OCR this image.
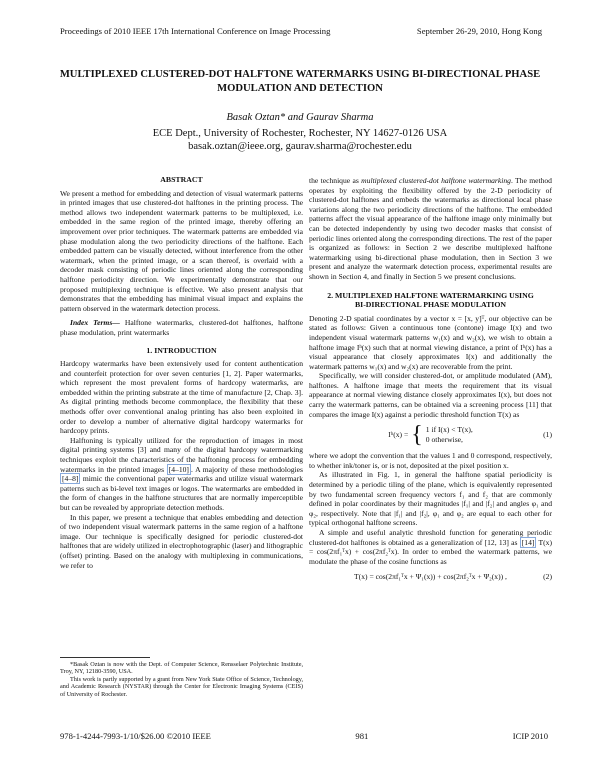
Proceedings of 2010 IEEE 17th International Conference on Image Processing	September 26-29, 2010, Hong Kong
MULTIPLEXED CLUSTERED-DOT HALFTONE WATERMARKS USING BI-DIRECTIONAL PHASE MODULATION AND DETECTION
Basak Oztan* and Gaurav Sharma
ECE Dept., University of Rochester, Rochester, NY 14627-0126 USA
basak.oztan@ieee.org, gaurav.sharma@rochester.edu
ABSTRACT

We present a method for embedding and detection of visual watermark patterns in printed images that use clustered-dot halftones in the printing process. The method allows two independent watermark patterns to be multiplexed, i.e. embedded in the same region of the printed image, thereby offering an improvement over prior techniques. The watermark patterns are embedded via phase modulation along the two periodicity directions of the halftone. Each embedded pattern can be visually detected, without interference from the other watermark, when the printed image, or a scan thereof, is overlaid with a decoder mask consisting of periodic lines oriented along the corresponding halftone periodicity direction. We experimentally demonstrate that our proposed multiplexing technique is effective. We also present analysis that demonstrates that the embedding has minimal visual impact and explains the pattern observed in the watermark detection process.

Index Terms— Halftone watermarks, clustered-dot halftones, halftone phase modulation, print watermarks

1. INTRODUCTION

Hardcopy watermarks have been extensively used for content authentication and counterfeit protection for over seven centuries [1, 2]. Paper watermarks, which represent the most prevalent forms of hardcopy watermarks, are embedded within the printing substrate at the time of manufacture [2, Chap. 3]. As digital printing methods become commonplace, the flexibility that these methods offer over conventional analog printing has also been exploited in order to develop a number of alternative digital hardcopy watermarks for hardcopy prints.

Halftoning is typically utilized for the reproduction of images in most digital printing systems [3] and many of the digital hardcopy watermarking techniques exploit the characteristics of the halftoning process for embedding watermarks in the printed images [4–10] . A majority of these methodologies [4–8] mimic the conventional paper watermarks and utilize visual watermark patterns such as bi-level text images or logos. The watermarks are embedded in the form of changes in the halftone structures that are normally imperceptible but can be revealed by appropriate detection methods.

In this paper, we present a technique that enables embedding and detection of two independent visual watermark patterns in the same region of a halftone image. Our technique is specifically designed for periodic clustered-dot halftones that are widely utilized in electrophotographic (laser) and lithographic (offset) printing. Based on the analogy with multiplexing in communications, we refer to

*Basak Oztan is now with the Dept. of Computer Science, Rensselaer Polytechnic Institute, Troy, NY, 12180-3590, USA.

This work is partly supported by a grant from New York State Office of Science, Technology, and Academic Research (NYSTAR) through the Center for Electronic Imaging Systems (CEIS) of University of Rochester.

the technique as multiplexed clustered-dot halftone watermarking. The method operates by exploiting the flexibility offered by the 2-D periodicity of clustered-dot halftones and embeds the watermarks as directional local phase variations along the two periodicity directions of the halftone. The embedded patterns affect the visual appearance of the halftone image only minimally but can be detected independently by using two decoder masks that consist of periodic lines oriented along the corresponding directions. The rest of the paper is organized as follows: in Section 2 we describe multiplexed halftone watermarking using bi-directional phase modulation, then in Section 3 we present and analyze the watermark detection process, experimental results are shown in Section 4, and finally in Section 5 we present conclusions.

2. MULTIPLEXED HALFTONE WATERMARKING USING
BI-DIRECTIONAL PHASE MODULATION

Denoting 2-D spatial coordinates by a vector x = [x, y]ᵀ, our objective can be stated as follows: Given a continuous tone (contone) image I(x) and two independent visual watermark patterns w₁(x) and w₂(x), we wish to obtain a halftone image Iʰ(x) such that at normal viewing distance, a print of Iʰ(x) has a visual appearance that closely approximates I(x) and additionally the watermark patterns w₁(x) and w₂(x) are recoverable from the print.

Specifically, we will consider clustered-dot, or amplitude modulated (AM), halftones. A halftone image that meets the requirement that its visual appearance at normal viewing distance closely approximates I(x), but does not carry the watermark patterns, can be obtained via a screening process [11] that compares the image I(x) against a periodic threshold function T(x) as

Iʰ(x) = { 1 if I(x) < T(x),
0 otherwise,
(1)

where we adopt the convention that the values 1 and 0 correspond, respectively, to whether ink/toner is, or is not, deposited at the pixel position x.

As illustrated in Fig. 1, in general the halftone spatial periodicity is determined by a periodic tiling of the plane, which is equivalently represented by two fundamental screen frequency vectors f₁ and f₂ that are commonly defined in polar coordinates by their magnitudes |f₁| and |f₂| and angles φ₁ and φ₂, respectively. Note that |f₁| and |f₂|, φ₁ and φ₂ are equal to each other for typical orthogonal halftone screens.

A simple and useful analytic threshold function for generating periodic clustered-dot halftones is obtained as a generalization of [12, 13] as [14] T(x) = cos(2πf₁ᵀx) + cos(2πf₂ᵀx). In order to embed the watermark patterns, we modulate the phase of the cosine functions as

T(x) = cos(2πf₁ᵀx + Ψ₁(x)) + cos(2πf₂ᵀx + Ψ₂(x)) ,	(2)
978-1-4244-7993-1/10/$26.00 ©2010 IEEE	981	ICIP 2010
